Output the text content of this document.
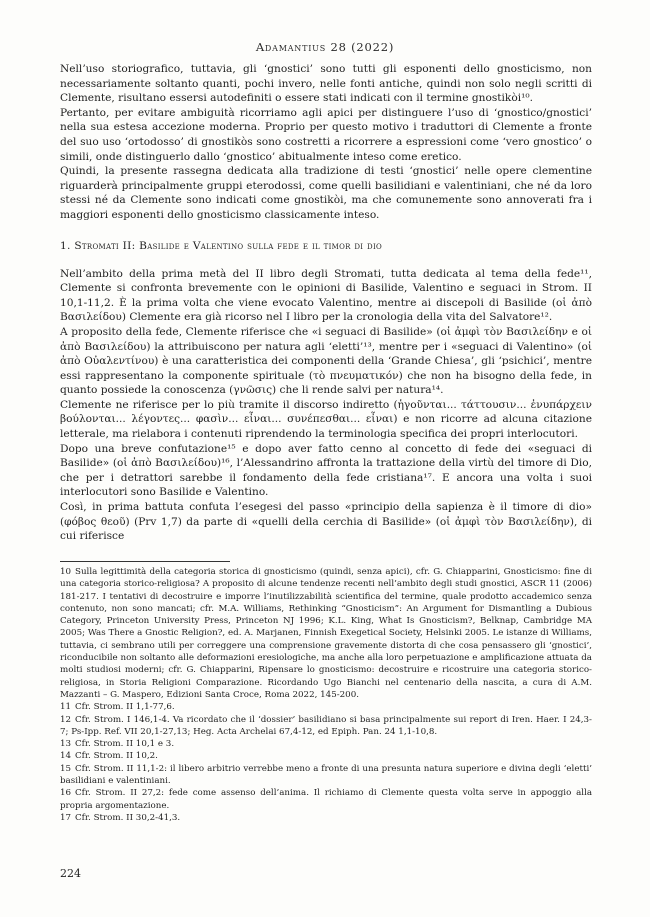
Adamantius 28 (2022)

Nell’uso storiografico, tuttavia, gli ‘gnostici’ sono tutti gli esponenti dello gnosticismo, non necessariamente soltanto quanti, pochi invero, nelle fonti antiche, quindi non solo negli scritti di Clemente, risultano essersi autodefiniti o essere stati indicati con il termine gnostikòi¹⁰.

Pertanto, per evitare ambiguità ricorriamo agli apici per distinguere l’uso di ‘gnostico/gnostici’ nella sua estesa accezione moderna. Proprio per questo motivo i traduttori di Clemente a fronte del suo uso ‘ortodosso’ di gnostikòs sono costretti a ricorrere a espressioni come ‘vero gnostico’ o simili, onde distinguerlo dallo ‘gnostico’ abitualmente inteso come eretico.

Quindi, la presente rassegna dedicata alla tradizione di testi ‘gnostici’ nelle opere clementine riguarderà principalmente gruppi eterodossi, come quelli basilidiani e valentiniani, che né da loro stessi né da Clemente sono indicati come gnostikòi, ma che comunemente sono annoverati fra i maggiori esponenti dello gnosticismo classicamente inteso.

1. Stromati II: Basilide e Valentino sulla fede e il timor di dio

Nell’ambito della prima metà del II libro degli Stromati, tutta dedicata al tema della fede¹¹, Clemente si confronta brevemente con le opinioni di Basilide, Valentino e seguaci in Strom. II 10,1-11,2. È la prima volta che viene evocato Valentino, mentre ai discepoli di Basilide (οἱ ἀπὸ Βασιλείδου) Clemente era già ricorso nel I libro per la cronologia della vita del Salvatore¹².

A proposito della fede, Clemente riferisce che «i seguaci di Basilide» (οἱ ἀμφὶ τὸν Βασιλείδην e οἱ ἀπὸ Βασιλείδου) la attribuiscono per natura agli ‘eletti’¹³, mentre per i «seguaci di Valentino» (οἱ ἀπὸ Οὐαλεντίνου) è una caratteristica dei componenti della ‘Grande Chiesa’, gli ‘psichici’, mentre essi rappresentano la componente spirituale (τὸ πνευματικόν) che non ha bisogno della fede, in quanto possiede la conoscenza (γνῶσις) che li rende salvi per natura¹⁴.

Clemente ne riferisce per lo più tramite il discorso indiretto (ἡγοῦνται... τάττουσιν... ἐνυπάρχειν βούλονται... λέγοντες... φασὶν... εἶναι... συνέπεσθαι... εἶναι) e non ricorre ad alcuna citazione letterale, ma rielabora i contenuti riprendendo la terminologia specifica dei propri interlocutori.

Dopo una breve confutazione¹⁵ e dopo aver fatto cenno al concetto di fede dei «seguaci di Basilide» (οἱ ἀπὸ Βασιλείδου)¹⁶, l’Alessandrino affronta la trattazione della virtù del timore di Dio, che per i detrattori sarebbe il fondamento della fede cristiana¹⁷. E ancora una volta i suoi interlocutori sono Basilide e Valentino.

Così, in prima battuta confuta l’esegesi del passo «principio della sapienza è il timore di dio» (φόβος θεοῦ) (Prv 1,7) da parte di «quelli della cerchia di Basilide» (οἱ ἀμφὶ τὸν Βασιλείδην), di cui riferisce

10 Sulla legittimità della categoria storica di gnosticismo (quindi, senza apici), cfr. G. Chiapparini, Gnosticismo: fine di una categoria storico-religiosa? A proposito di alcune tendenze recenti nell’ambito degli studi gnostici, ASCR 11 (2006) 181-217. I tentativi di decostruire e imporre l’inutilizzabilità scientifica del termine, quale prodotto accademico senza contenuto, non sono mancati; cfr. M.A. Williams, Rethinking “Gnosticism”: An Argument for Dismantling a Dubious Category, Princeton University Press, Princeton NJ 1996; K.L. King, What Is Gnosticism?, Belknap, Cambridge MA 2005; Was There a Gnostic Religion?, ed. A. Marjanen, Finnish Exegetical Society, Helsinki 2005. Le istanze di Williams, tuttavia, ci sembrano utili per correggere una comprensione gravemente distorta di che cosa pensassero gli ‘gnostici’, riconducibile non soltanto alle deformazioni eresiologiche, ma anche alla loro perpetuazione e amplificazione attuata da molti studiosi moderni; cfr. G. Chiapparini, Ripensare lo gnosticismo: decostruire e ricostruire una categoria storico-religiosa, in Storia Religioni Comparazione. Ricordando Ugo Bianchi nel centenario della nascita, a cura di A.M. Mazzanti – G. Maspero, Edizioni Santa Croce, Roma 2022, 145-200.
11 Cfr. Strom. II 1,1-77,6.
12 Cfr. Strom. I 146,1-4. Va ricordato che il ‘dossier’ basilidiano si basa principalmente sui report di Iren. Haer. I 24,3-7; Ps-Ipp. Ref. VII 20,1-27,13; Heg. Acta Archelai 67,4-12, ed Epiph. Pan. 24 1,1-10,8.
13 Cfr. Strom. II 10,1 e 3.
14 Cfr. Strom. II 10,2.
15 Cfr. Strom. II 11,1-2: il libero arbitrio verrebbe meno a fronte di una presunta natura superiore e divina degli ‘eletti’ basilidiani e valentiniani.
16 Cfr. Strom. II 27,2: fede come assenso dell’anima. Il richiamo di Clemente questa volta serve in appoggio alla propria argomentazione.
17 Cfr. Strom. II 30,2-41,3.
224
